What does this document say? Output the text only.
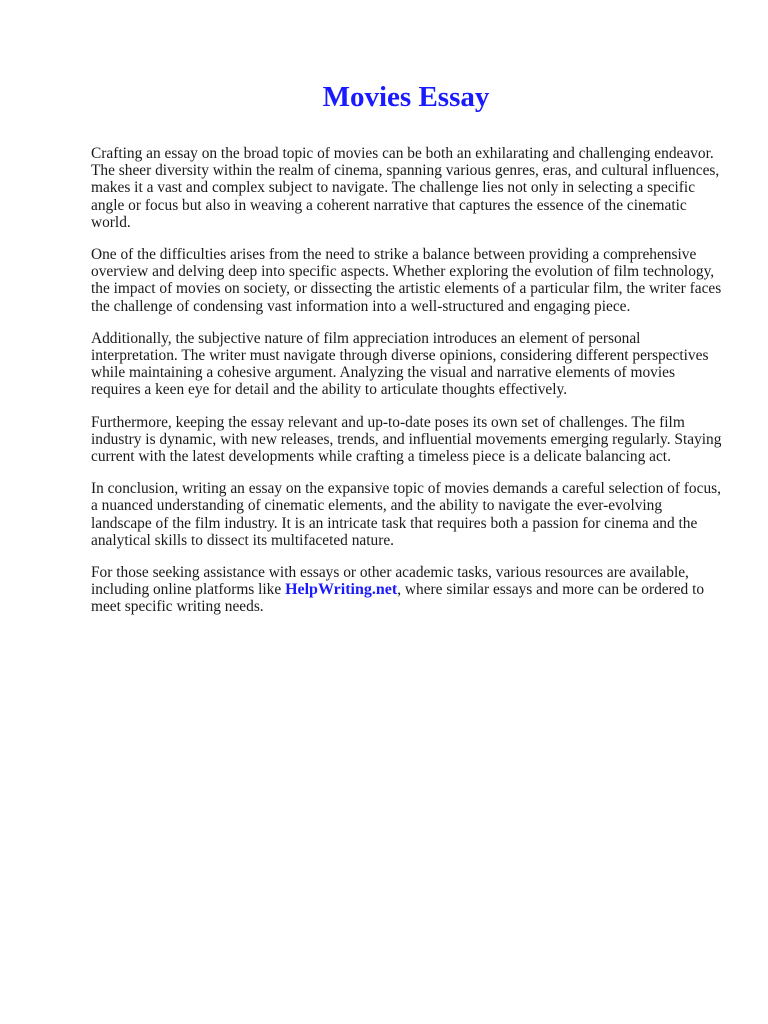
Movies Essay

Crafting an essay on the broad topic of movies can be both an exhilarating and challenging endeavor. The sheer diversity within the realm of cinema, spanning various genres, eras, and cultural influences, makes it a vast and complex subject to navigate. The challenge lies not only in selecting a specific angle or focus but also in weaving a coherent narrative that captures the essence of the cinematic world.

One of the difficulties arises from the need to strike a balance between providing a comprehensive overview and delving deep into specific aspects. Whether exploring the evolution of film technology, the impact of movies on society, or dissecting the artistic elements of a particular film, the writer faces the challenge of condensing vast information into a well-structured and engaging piece.

Additionally, the subjective nature of film appreciation introduces an element of personal interpretation. The writer must navigate through diverse opinions, considering different perspectives while maintaining a cohesive argument. Analyzing the visual and narrative elements of movies requires a keen eye for detail and the ability to articulate thoughts effectively.

Furthermore, keeping the essay relevant and up-to-date poses its own set of challenges. The film industry is dynamic, with new releases, trends, and influential movements emerging regularly. Staying current with the latest developments while crafting a timeless piece is a delicate balancing act.

In conclusion, writing an essay on the expansive topic of movies demands a careful selection of focus, a nuanced understanding of cinematic elements, and the ability to navigate the ever-evolving landscape of the film industry. It is an intricate task that requires both a passion for cinema and the analytical skills to dissect its multifaceted nature.

For those seeking assistance with essays or other academic tasks, various resources are available, including online platforms like HelpWriting.net, where similar essays and more can be ordered to meet specific writing needs.
